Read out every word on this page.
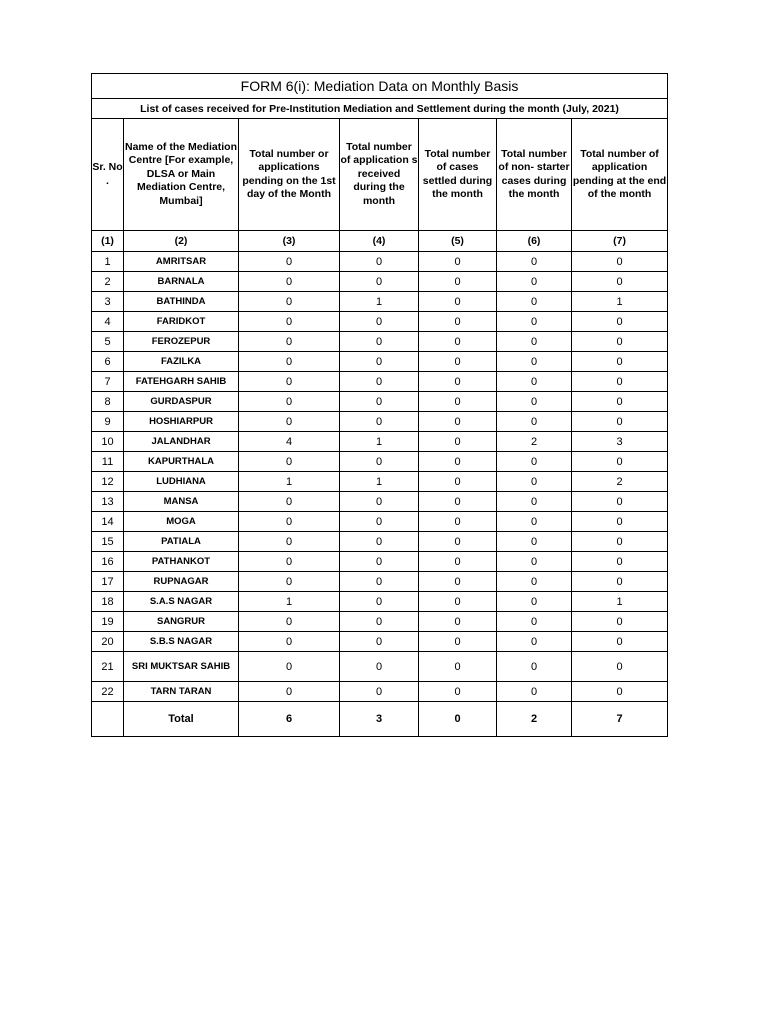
FORM 6(i): Mediation Data on Monthly Basis						
List of cases received for Pre-Institution Mediation and Settlement during the month (July, 2021)						
Sr. No .	Name of the Mediation Centre [For example, DLSA or Main Mediation Centre, Mumbai]	Total number or applications pending on the 1st day of the Month	Total number of application s received during the month	Total number of cases settled during the month	Total number of non- starter cases during the month	Total number of application pending at the end of the month
(1)	(2)	(3)	(4)	(5)	(6)	(7)
1	AMRITSAR	0	0	0	0	0
2	BARNALA	0	0	0	0	0
3	BATHINDA	0	1	0	0	1
4	FARIDKOT	0	0	0	0	0
5	FEROZEPUR	0	0	0	0	0
6	FAZILKA	0	0	0	0	0
7	FATEHGARH SAHIB	0	0	0	0	0
8	GURDASPUR	0	0	0	0	0
9	HOSHIARPUR	0	0	0	0	0
10	JALANDHAR	4	1	0	2	3
11	KAPURTHALA	0	0	0	0	0
12	LUDHIANA	1	1	0	0	2
13	MANSA	0	0	0	0	0
14	MOGA	0	0	0	0	0
15	PATIALA	0	0	0	0	0
16	PATHANKOT	0	0	0	0	0
17	RUPNAGAR	0	0	0	0	0
18	S.A.S NAGAR	1	0	0	0	1
19	SANGRUR	0	0	0	0	0
20	S.B.S NAGAR	0	0	0	0	0
21	SRI MUKTSAR SAHIB	0	0	0	0	0
22	TARN TARAN	0	0	0	0	0
	Total	6	3	0	2	7
